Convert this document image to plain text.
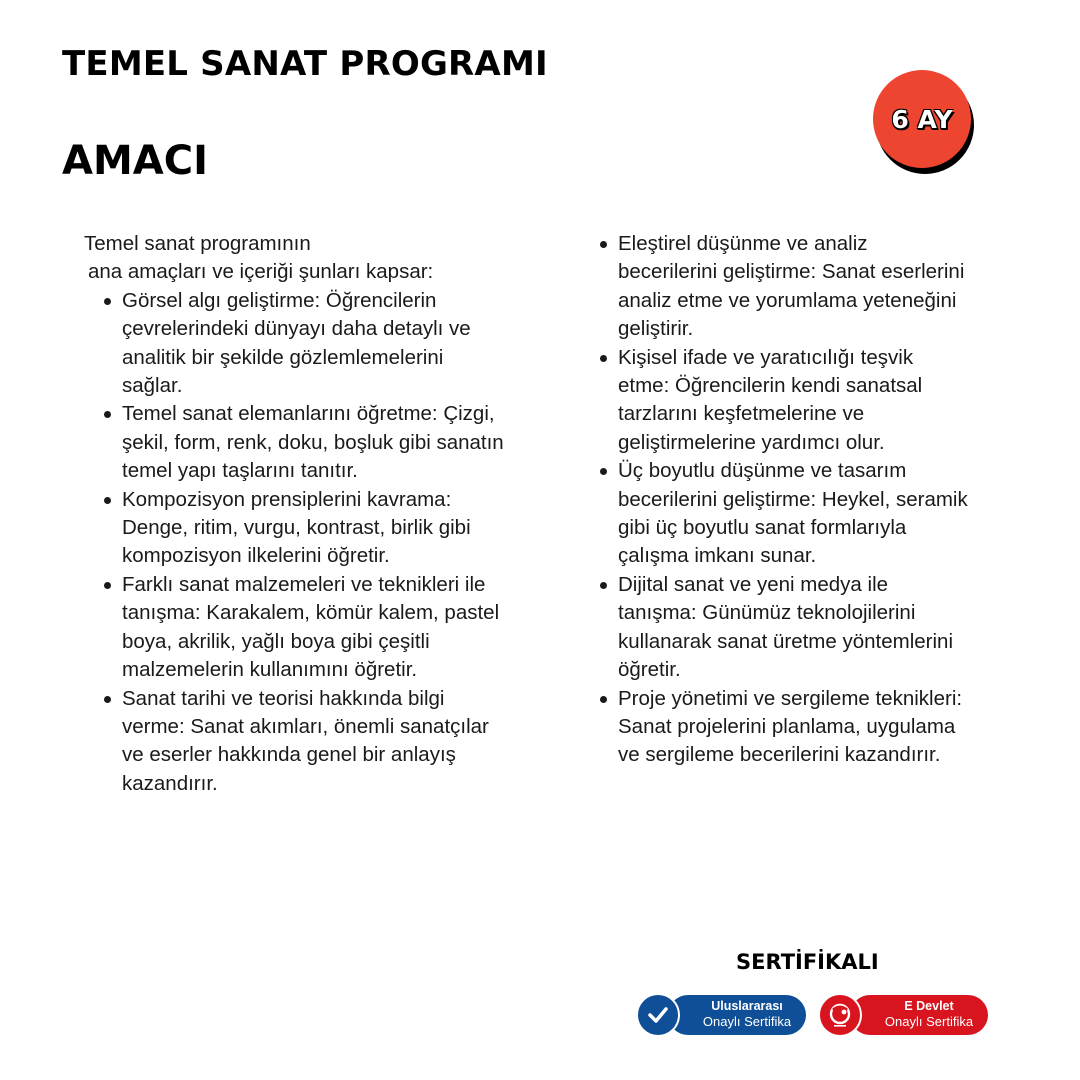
TEMEL SANAT PROGRAMI
AMACI
6 AY
Temel sanat programının
ana amaçları ve içeriği şunları kapsar:
Görsel algı geliştirme: Öğrencilerin çevrelerindeki dünyayı daha detaylı ve analitik bir şekilde gözlemlemelerini sağlar.
Temel sanat elemanlarını öğretme: Çizgi, şekil, form, renk, doku, boşluk gibi sanatın temel yapı taşlarını tanıtır.
Kompozisyon prensiplerini kavrama: Denge, ritim, vurgu, kontrast, birlik gibi kompozisyon ilkelerini öğretir.
Farklı sanat malzemeleri ve teknikleri ile tanışma: Karakalem, kömür kalem, pastel boya, akrilik, yağlı boya gibi çeşitli malzemelerin kullanımını öğretir.
Sanat tarihi ve teorisi hakkında bilgi verme: Sanat akımları, önemli sanatçılar ve eserler hakkında genel bir anlayış kazandırır.
Eleştirel düşünme ve analiz becerilerini geliştirme: Sanat eserlerini analiz etme ve yorumlama yeteneğini geliştirir.
Kişisel ifade ve yaratıcılığı teşvik etme: Öğrencilerin kendi sanatsal tarzlarını keşfetmelerine ve geliştirmelerine yardımcı olur.
Üç boyutlu düşünme ve tasarım becerilerini geliştirme: Heykel, seramik gibi üç boyutlu sanat formlarıyla çalışma imkanı sunar.
Dijital sanat ve yeni medya ile tanışma: Günümüz teknolojilerini kullanarak sanat üretme yöntemlerini öğretir.
Proje yönetimi ve sergileme teknikleri: Sanat projelerini planlama, uygulama ve sergileme becerilerini kazandırır.
SERTİFİKALI
Uluslararası
Onaylı Sertifika
E Devlet
Onaylı Sertifika
